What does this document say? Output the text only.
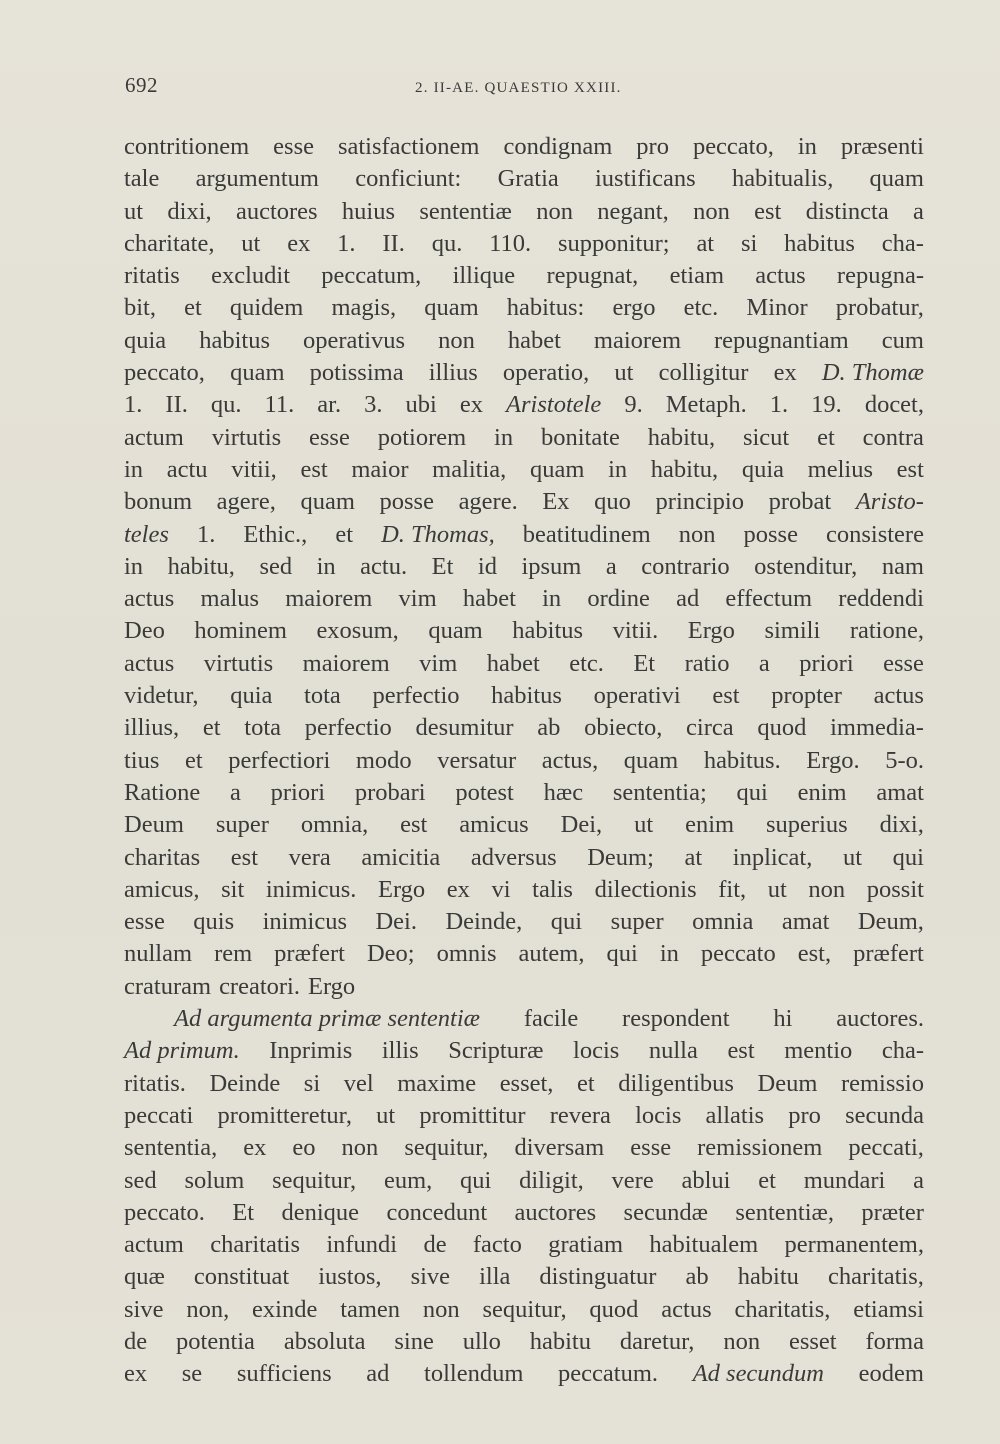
692	2. II-AE. QUAESTIO XXIII.
contritionem esse satisfactionem condignam pro peccato, in præsenti
tale argumentum conficiunt: Gratia iustificans habitualis, quam
ut dixi, auctores huius sententiæ non negant, non est distincta a
charitate, ut ex 1. II. qu. 110. supponitur; at si habitus cha-
ritatis excludit peccatum, illique repugnat, etiam actus repugna-
bit, et quidem magis, quam habitus: ergo etc. Minor probatur,
quia habitus operativus non habet maiorem repugnantiam cum
peccato, quam potissima illius operatio, ut colligitur ex D. Thomæ
1. II. qu. 11. ar. 3. ubi ex Aristotele 9. Metaph. 1. 19. docet,
actum virtutis esse potiorem in bonitate habitu, sicut et contra
in actu vitii, est maior malitia, quam in habitu, quia melius est
bonum agere, quam posse agere. Ex quo principio probat Aristo-
teles 1. Ethic., et D. Thomas, beatitudinem non posse consistere
in habitu, sed in actu. Et id ipsum a contrario ostenditur, nam
actus malus maiorem vim habet in ordine ad effectum reddendi
Deo hominem exosum, quam habitus vitii. Ergo simili ratione,
actus virtutis maiorem vim habet etc. Et ratio a priori esse
videtur, quia tota perfectio habitus operativi est propter actus
illius, et tota perfectio desumitur ab obiecto, circa quod immedia-
tius et perfectiori modo versatur actus, quam habitus. Ergo. 5-o.
Ratione a priori probari potest hæc sententia; qui enim amat
Deum super omnia, est amicus Dei, ut enim superius dixi,
charitas est vera amicitia adversus Deum; at inplicat, ut qui
amicus, sit inimicus. Ergo ex vi talis dilectionis fit, ut non possit
esse quis inimicus Dei. Deinde, qui super omnia amat Deum,
nullam rem præfert Deo; omnis autem, qui in peccato est, præfert
craturam creatori. Ergo
Ad argumenta primæ sententiæ facile respondent hi auctores.
Ad primum. Inprimis illis Scripturæ locis nulla est mentio cha-
ritatis. Deinde si vel maxime esset, et diligentibus Deum remissio
peccati promitteretur, ut promittitur revera locis allatis pro secunda
sententia, ex eo non sequitur, diversam esse remissionem peccati,
sed solum sequitur, eum, qui diligit, vere ablui et mundari a
peccato. Et denique concedunt auctores secundæ sententiæ, præter
actum charitatis infundi de facto gratiam habitualem permanentem,
quæ constituat iustos, sive illa distinguatur ab habitu charitatis,
sive non, exinde tamen non sequitur, quod actus charitatis, etiamsi
de potentia absoluta sine ullo habitu daretur, non esset forma
ex se sufficiens ad tollendum peccatum. Ad secundum eodem
